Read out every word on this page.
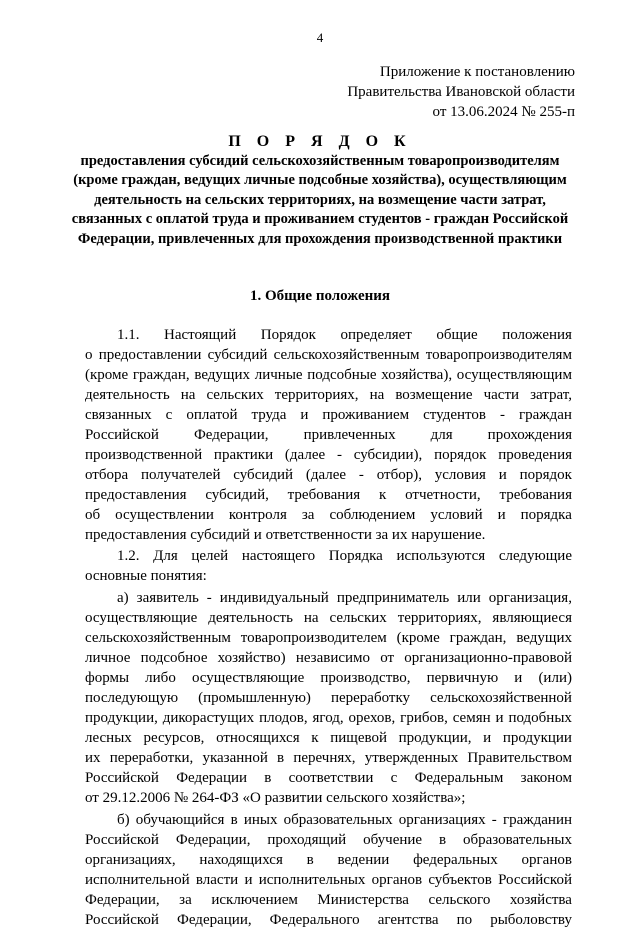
4
Приложение к постановлению
Правительства Ивановской области
от 13.06.2024 № 255-п
П О Р Я Д О К
предоставления субсидий сельскохозяйственным товаропроизводителям (кроме граждан, ведущих личные подсобные хозяйства), осуществляющим деятельность на сельских территориях, на возмещение части затрат, связанных с оплатой труда и проживанием студентов - граждан Российской Федерации, привлеченных для прохождения производственной практики
1. Общие положения
1.1. Настоящий Порядок определяет общие положения
о предоставлении субсидий сельскохозяйственным товаропроизводителям
(кроме граждан, ведущих личные подсобные хозяйства), осуществляющим
деятельность на сельских территориях, на возмещение части затрат,
связанных с оплатой труда и проживанием студентов - граждан
Российской Федерации, привлеченных для прохождения
производственной практики (далее - субсидии), порядок проведения
отбора получателей субсидий (далее - отбор), условия и порядок
предоставления субсидий, требования к отчетности, требования
об осуществлении контроля за соблюдением условий и порядка
предоставления субсидий и ответственности за их нарушение.
1.2. Для целей настоящего Порядка используются следующие
основные понятия:
а) заявитель - индивидуальный предприниматель или организация,
осуществляющие деятельность на сельских территориях, являющиеся
сельскохозяйственным товаропроизводителем (кроме граждан, ведущих
личное подсобное хозяйство) независимо от организационно-правовой
формы либо осуществляющие производство, первичную и (или)
последующую (промышленную) переработку сельскохозяйственной
продукции, дикорастущих плодов, ягод, орехов, грибов, семян и подобных
лесных ресурсов, относящихся к пищевой продукции, и продукции
их переработки, указанной в перечнях, утвержденных Правительством
Российской Федерации в соответствии с Федеральным законом
от 29.12.2006 № 264-ФЗ «О развитии сельского хозяйства»;
б) обучающийся в иных образовательных организациях - гражданин
Российской Федерации, проходящий обучение в образовательных
организациях, находящихся в ведении федеральных органов
исполнительной власти и исполнительных органов субъектов Российской
Федерации, за исключением Министерства сельского хозяйства
Российской Федерации, Федерального агентства по рыболовству
